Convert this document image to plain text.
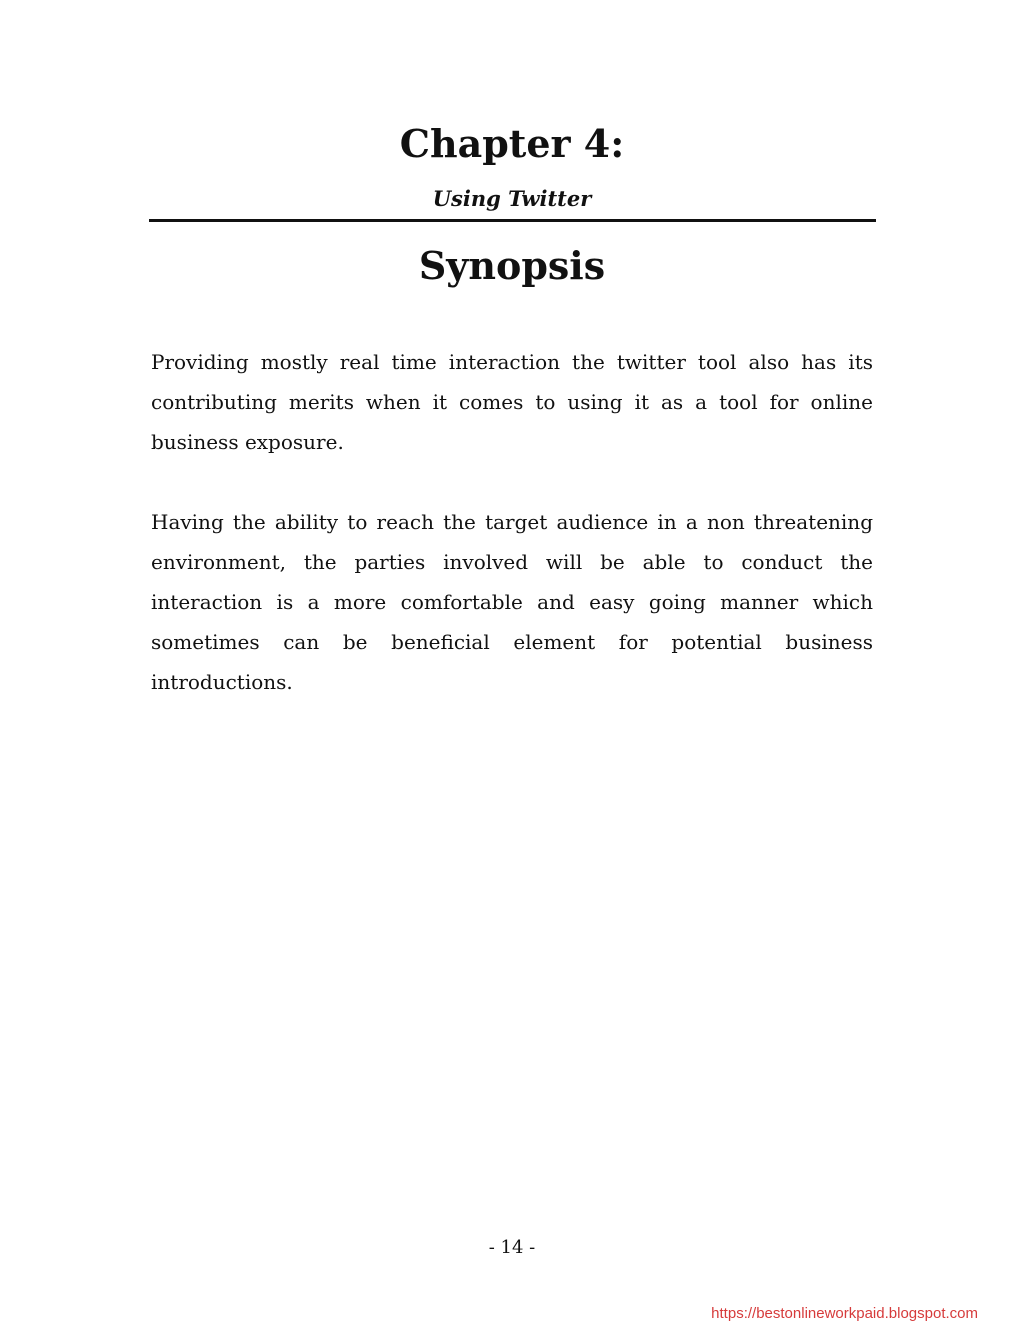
Chapter 4:
Using Twitter
Synopsis

Providing mostly real time interaction the twitter tool also has its contributing merits when it comes to using it as a tool for online business exposure.

Having the ability to reach the target audience in a non threatening environment, the parties involved will be able to conduct the interaction is a more comfortable and easy going manner which sometimes can be beneficial element for potential business introductions.

- 14 -
https://bestonlineworkpaid.blogspot.com
